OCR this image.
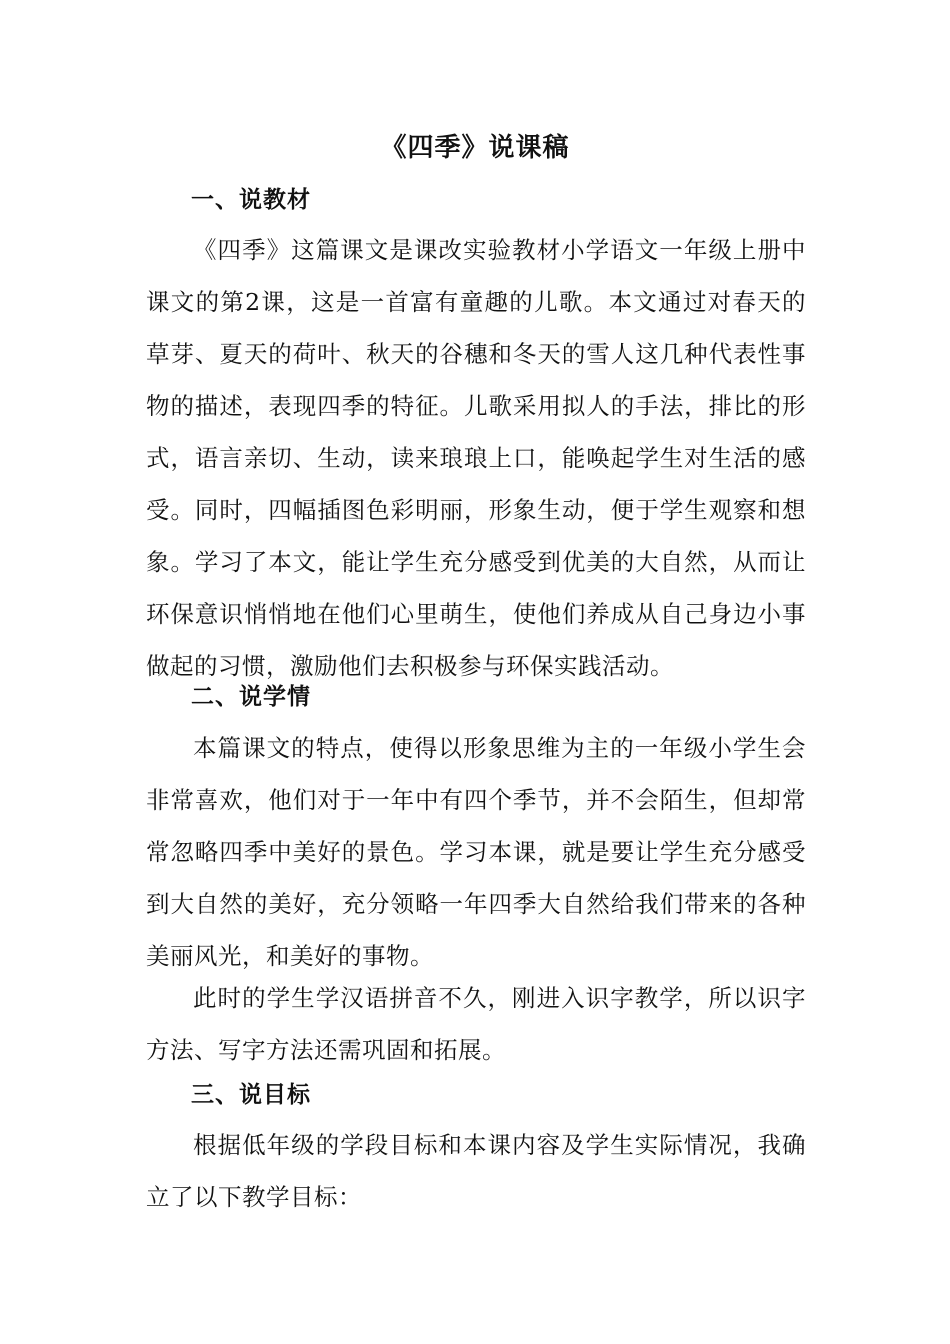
《四季》说课稿
一、说教材

《四季》这篇课文是课改实验教材小学语文一年级上册中课文的第2课，这是一首富有童趣的儿歌。本文通过对春天的草芽、夏天的荷叶、秋天的谷穗和冬天的雪人这几种代表性事物的描述，表现四季的特征。儿歌采用拟人的手法，排比的形式，语言亲切、生动，读来琅琅上口，能唤起学生对生活的感受。同时，四幅插图色彩明丽，形象生动，便于学生观察和想象。学习了本文，能让学生充分感受到优美的大自然，从而让环保意识悄悄地在他们心里萌生，使他们养成从自己身边小事做起的习惯，激励他们去积极参与环保实践活动。

二、说学情

本篇课文的特点，使得以形象思维为主的一年级小学生会非常喜欢，他们对于一年中有四个季节，并不会陌生，但却常常忽略四季中美好的景色。学习本课，就是要让学生充分感受到大自然的美好，充分领略一年四季大自然给我们带来的各种美丽风光，和美好的事物。

此时的学生学汉语拼音不久，刚进入识字教学，所以识字方法、写字方法还需巩固和拓展。

三、说目标

根据低年级的学段目标和本课内容及学生实际情况，我确立了以下教学目标：
